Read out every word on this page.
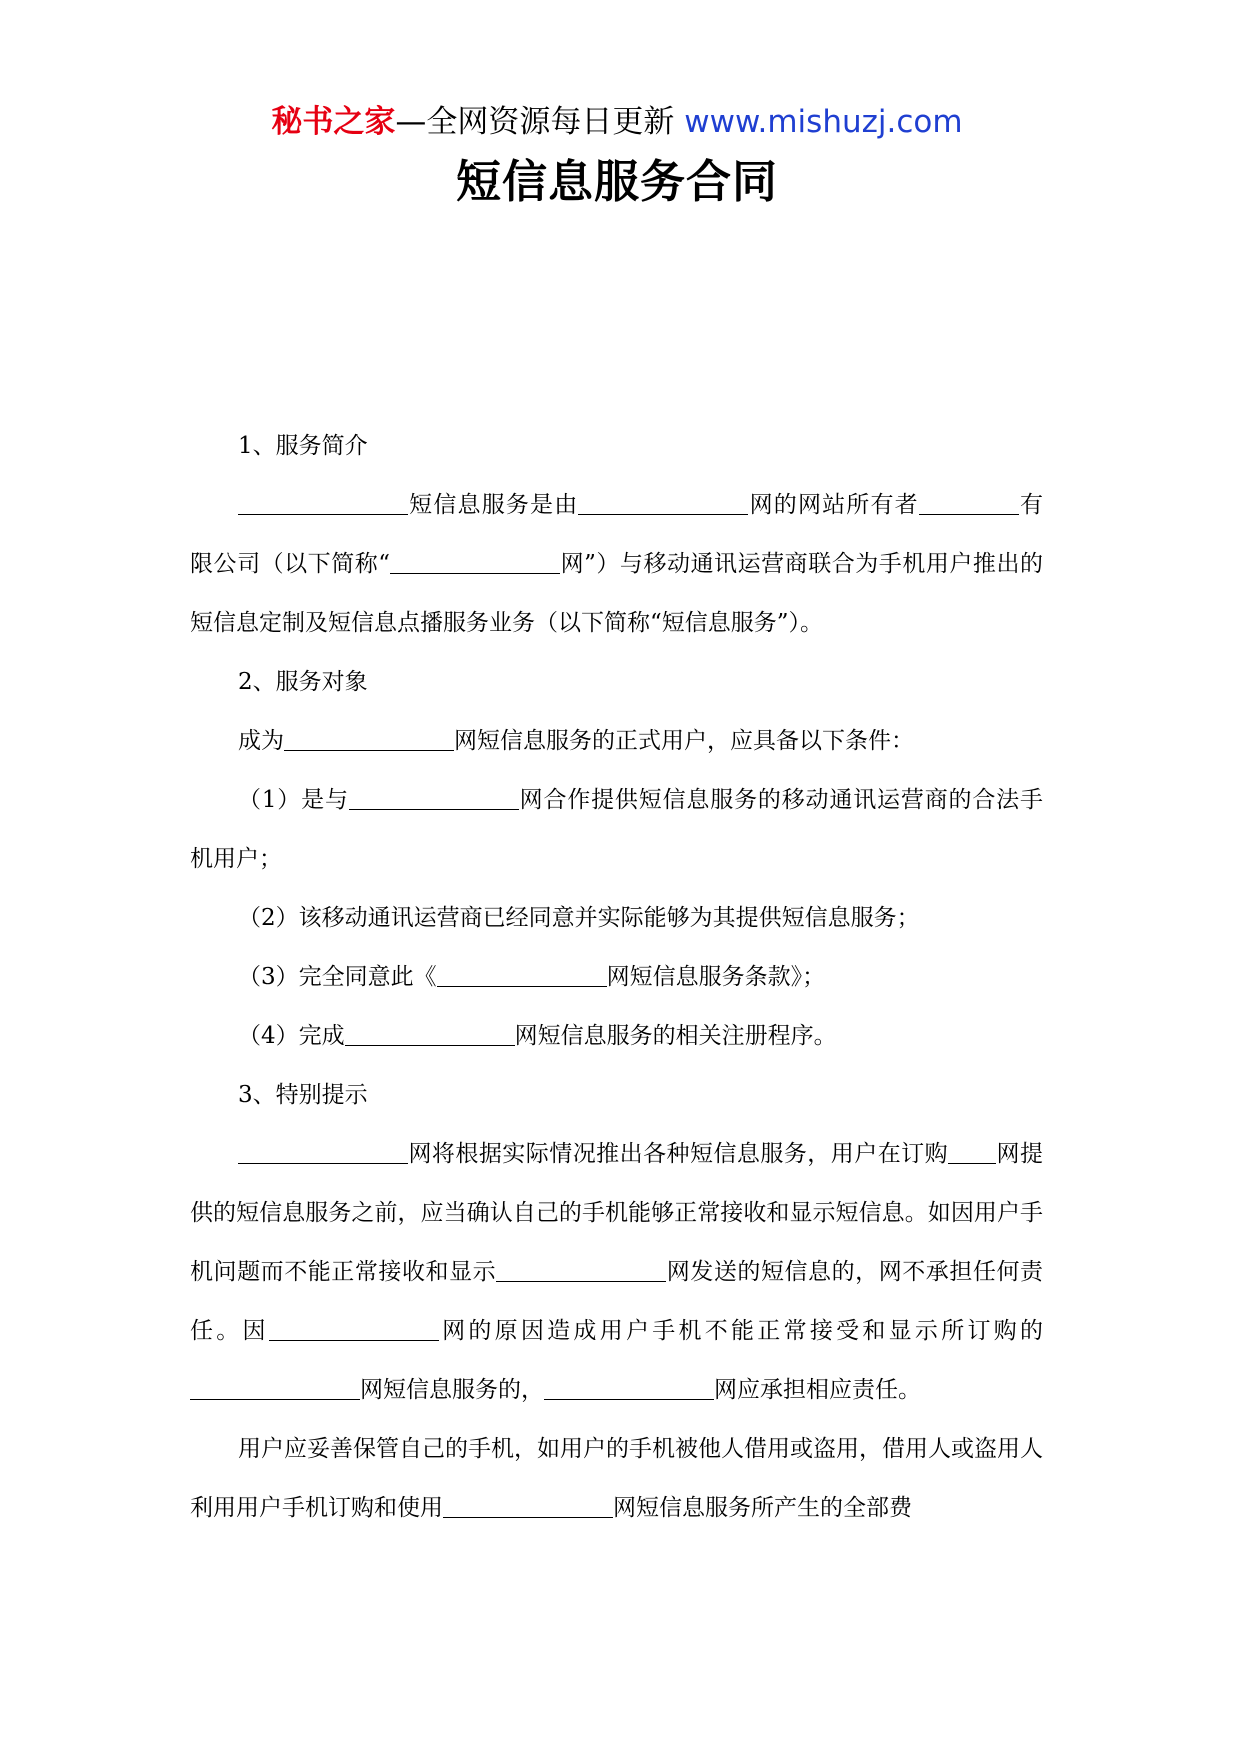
秘书之家—全网资源每日更新 www.mishuzj.com
短信息服务合同

1、服务简介

短信息服务是由	网的网站所有者	有限公司（以下简称“	网”）与移动通讯运营商联合为手机用户推出的短信息定制及短信息点播服务业务（以下简称“短信息服务”）。

2、服务对象

成为	网短信息服务的正式用户，应具备以下条件：

（1）是与	网合作提供短信息服务的移动通讯运营商的合法手机用户；

（2）该移动通讯运营商已经同意并实际能够为其提供短信息服务；

（3）完全同意此《	网短信息服务条款》；

（4）完成	网短信息服务的相关注册程序。

3、特别提示

网将根据实际情况推出各种短信息服务，用户在订购 网提供的短信息服务之前，应当确认自己的手机能够正常接收和显示短信息。如因用户手机问题而不能正常接收和显示	网发送的短信息的，网不承担任何责任。因	网的原因造成用户手机不能正常接受和显示所订购的网短信息服务的，	网应承担相应责任。

用户应妥善保管自己的手机，如用户的手机被他人借用或盗用，借用人或盗用人利用用户手机订购和使用	网短信息服务所产生的全部费
